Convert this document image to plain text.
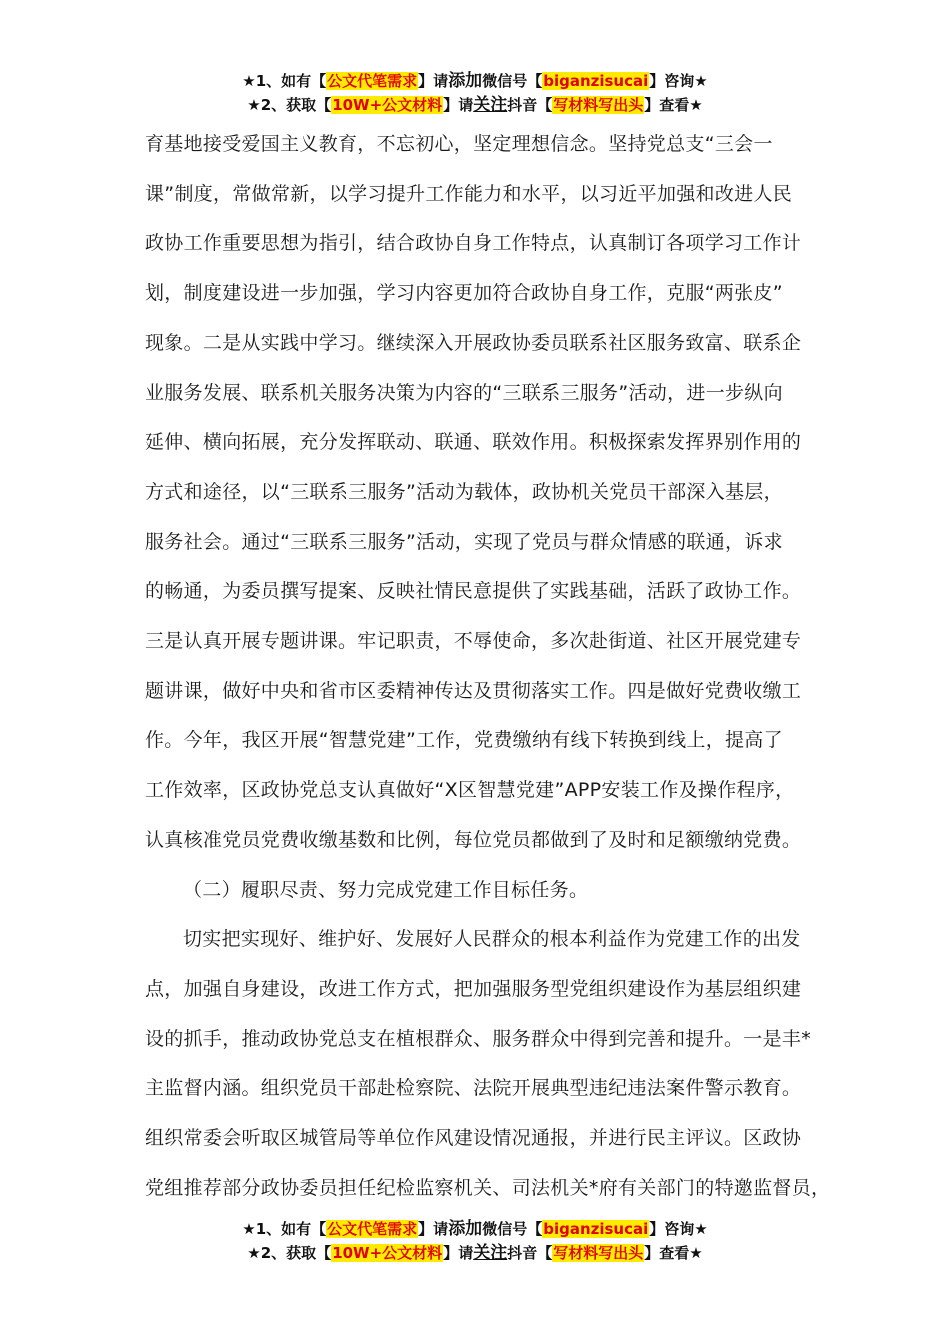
★1、如有【公文代笔需求】请添加微信号【biganzisucai】咨询★
★2、获取【10W+公文材料】请关注抖音【写材料写出头】查看★

育基地接受爱国主义教育，不忘初心，坚定理想信念。坚持党总支“三会一
课”制度，常做常新，以学习提升工作能力和水平，以习近平加强和改进人民
政协工作重要思想为指引，结合政协自身工作特点，认真制订各项学习工作计
划，制度建设进一步加强，学习内容更加符合政协自身工作，克服“两张皮”
现象。二是从实践中学习。继续深入开展政协委员联系社区服务致富、联系企
业服务发展、联系机关服务决策为内容的“三联系三服务”活动，进一步纵向
延伸、横向拓展，充分发挥联动、联通、联效作用。积极探索发挥界别作用的
方式和途径，以“三联系三服务”活动为载体，政协机关党员干部深入基层，
服务社会。通过“三联系三服务”活动，实现了党员与群众情感的联通，诉求
的畅通，为委员撰写提案、反映社情民意提供了实践基础，活跃了政协工作。
三是认真开展专题讲课。牢记职责，不辱使命，多次赴街道、社区开展党建专
题讲课，做好中央和省市区委精神传达及贯彻落实工作。四是做好党费收缴工
作。今年，我区开展“智慧党建”工作，党费缴纳有线下转换到线上，提高了
工作效率，区政协党总支认真做好“X区智慧党建”APP安装工作及操作程序，
认真核准党员党费收缴基数和比例，每位党员都做到了及时和足额缴纳党费。

（二）履职尽责、努力完成党建工作目标任务。

切实把实现好、维护好、发展好人民群众的根本利益作为党建工作的出发
点，加强自身建设，改进工作方式，把加强服务型党组织建设作为基层组织建
设的抓手，推动政协党总支在植根群众、服务群众中得到完善和提升。一是丰*
主监督内涵。组织党员干部赴检察院、法院开展典型违纪违法案件警示教育。
组织常委会听取区城管局等单位作风建设情况通报，并进行民主评议。区政协
党组推荐部分政协委员担任纪检监察机关、司法机关*府有关部门的特邀监督员，

★1、如有【公文代笔需求】请添加微信号【biganzisucai】咨询★
★2、获取【10W+公文材料】请关注抖音【写材料写出头】查看★
